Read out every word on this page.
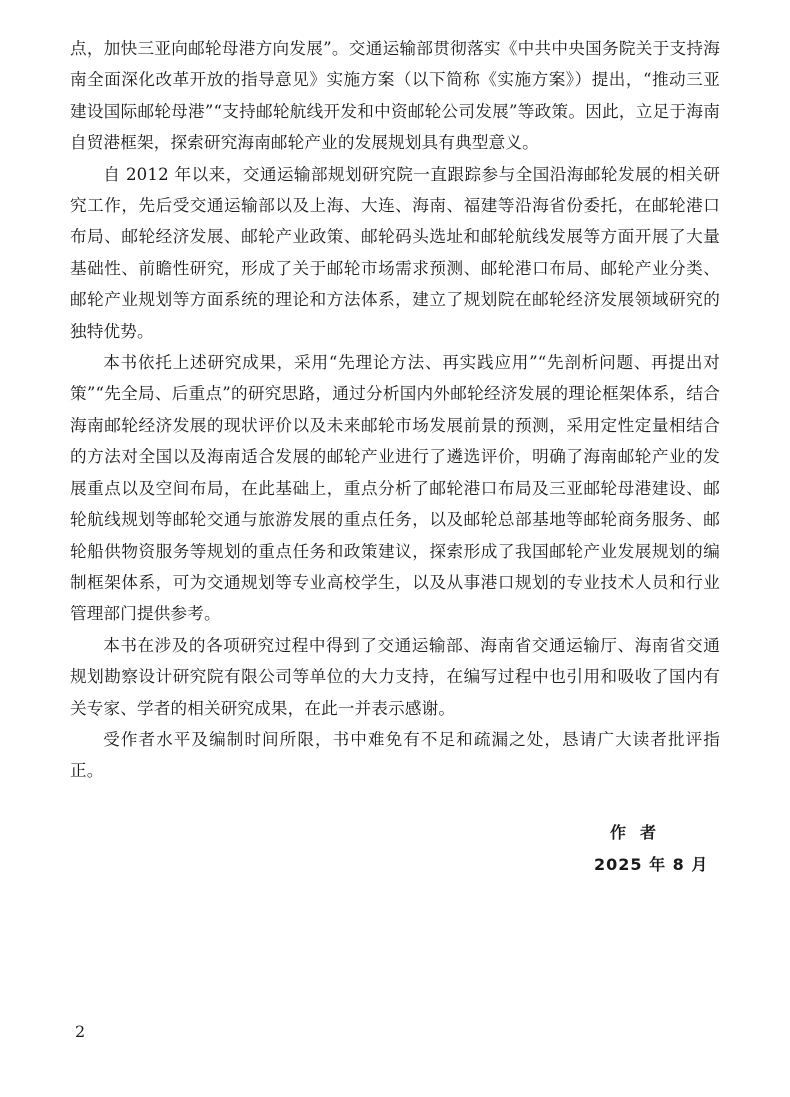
点，加快三亚向邮轮母港方向发展”。交通运输部贯彻落实《中共中央国务院关于支持海南全面深化改革开放的指导意见》实施方案（以下简称《实施方案》）提出，“推动三亚建设国际邮轮母港”“支持邮轮航线开发和中资邮轮公司发展”等政策。因此，立足于海南自贸港框架，探索研究海南邮轮产业的发展规划具有典型意义。

自 2012 年以来，交通运输部规划研究院一直跟踪参与全国沿海邮轮发展的相关研究工作，先后受交通运输部以及上海、大连、海南、福建等沿海省份委托，在邮轮港口布局、邮轮经济发展、邮轮产业政策、邮轮码头选址和邮轮航线发展等方面开展了大量基础性、前瞻性研究，形成了关于邮轮市场需求预测、邮轮港口布局、邮轮产业分类、邮轮产业规划等方面系统的理论和方法体系，建立了规划院在邮轮经济发展领域研究的独特优势。

本书依托上述研究成果，采用“先理论方法、再实践应用”“先剖析问题、再提出对策”“先全局、后重点”的研究思路，通过分析国内外邮轮经济发展的理论框架体系，结合海南邮轮经济发展的现状评价以及未来邮轮市场发展前景的预测，采用定性定量相结合的方法对全国以及海南适合发展的邮轮产业进行了遴选评价，明确了海南邮轮产业的发展重点以及空间布局，在此基础上，重点分析了邮轮港口布局及三亚邮轮母港建设、邮轮航线规划等邮轮交通与旅游发展的重点任务，以及邮轮总部基地等邮轮商务服务、邮轮船供物资服务等规划的重点任务和政策建议，探索形成了我国邮轮产业发展规划的编制框架体系，可为交通规划等专业高校学生，以及从事港口规划的专业技术人员和行业管理部门提供参考。

本书在涉及的各项研究过程中得到了交通运输部、海南省交通运输厅、海南省交通规划勘察设计研究院有限公司等单位的大力支持，在编写过程中也引用和吸收了国内有关专家、学者的相关研究成果，在此一并表示感谢。

受作者水平及编制时间所限，书中难免有不足和疏漏之处，恳请广大读者批评指正。

作者
2025 年 8 月
2
